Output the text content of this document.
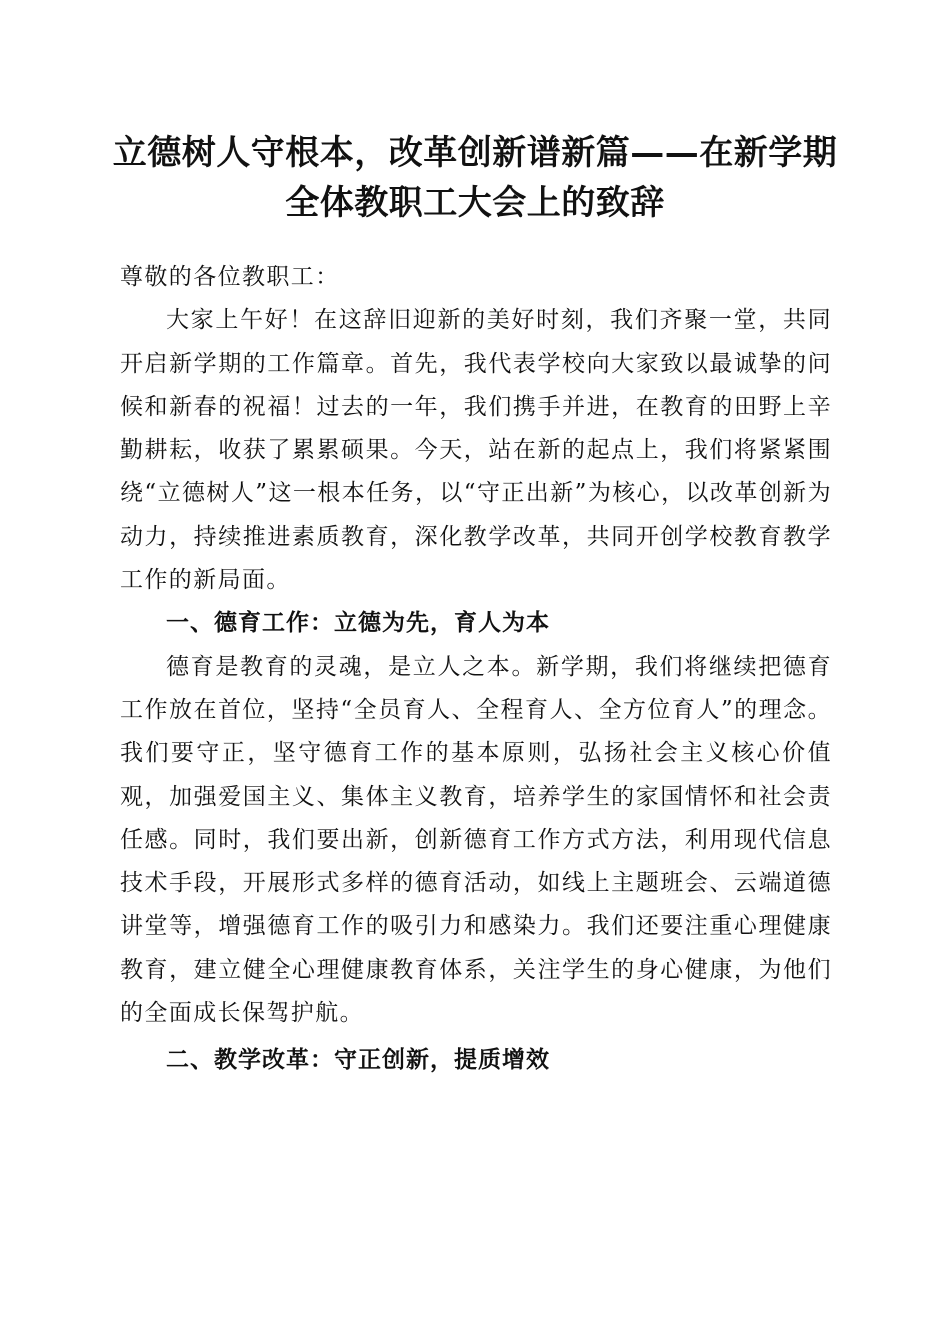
立德树人守根本，改革创新谱新篇——在新学期全体教职工大会上的致辞

尊敬的各位教职工：

大家上午好！在这辞旧迎新的美好时刻，我们齐聚一堂，共同开启新学期的工作篇章。首先，我代表学校向大家致以最诚挚的问候和新春的祝福！过去的一年，我们携手并进，在教育的田野上辛勤耕耘，收获了累累硕果。今天，站在新的起点上，我们将紧紧围绕“立德树人”这一根本任务，以“守正出新”为核心，以改革创新为动力，持续推进素质教育，深化教学改革，共同开创学校教育教学工作的新局面。

一、德育工作：立德为先，育人为本

德育是教育的灵魂，是立人之本。新学期，我们将继续把德育工作放在首位，坚持“全员育人、全程育人、全方位育人”的理念。我们要守正，坚守德育工作的基本原则，弘扬社会主义核心价值观，加强爱国主义、集体主义教育，培养学生的家国情怀和社会责任感。同时，我们要出新，创新德育工作方式方法，利用现代信息技术手段，开展形式多样的德育活动，如线上主题班会、云端道德讲堂等，增强德育工作的吸引力和感染力。我们还要注重心理健康教育，建立健全心理健康教育体系，关注学生的身心健康，为他们的全面成长保驾护航。

二、教学改革：守正创新，提质增效
